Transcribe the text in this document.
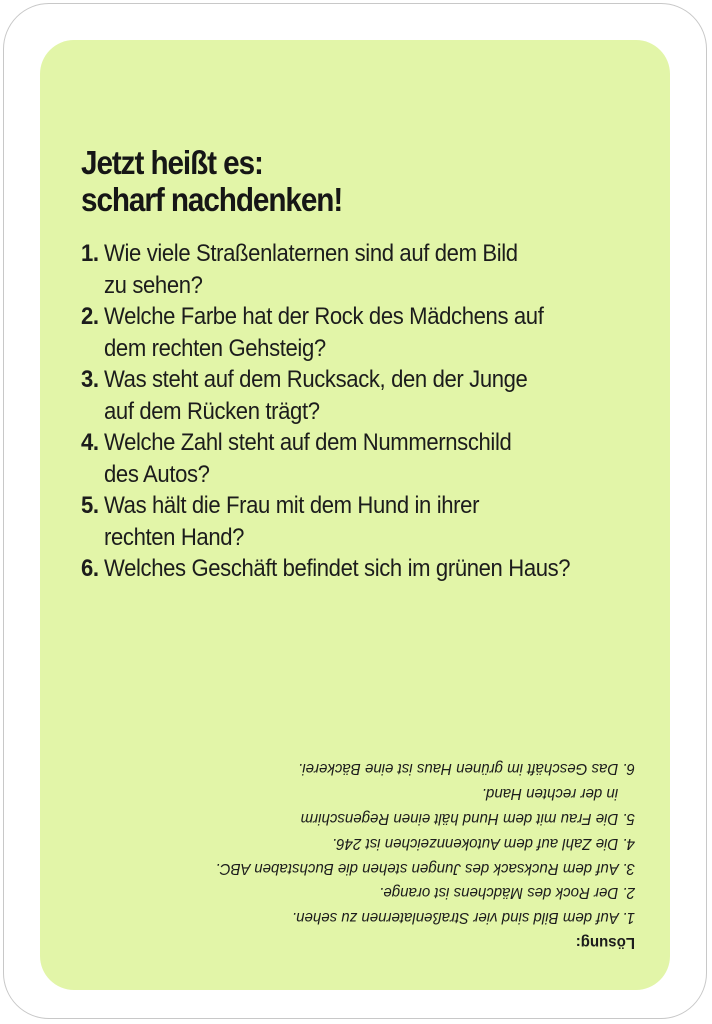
Jetzt heißt es:
scharf nachdenken!
1. Wie viele Straßenlaternen sind auf dem Bild
zu sehen?
2. Welche Farbe hat der Rock des Mädchens auf
dem rechten Gehsteig?
3. Was steht auf dem Rucksack, den der Junge
auf dem Rücken trägt?
4. Welche Zahl steht auf dem Nummernschild
des Autos?
5. Was hält die Frau mit dem Hund in ihrer
rechten Hand?
6. Welches Geschäft befindet sich im grünen Haus?
Lösung:
1. Auf dem Bild sind vier Straßenlaternen zu sehen.
2. Der Rock des Mädchens ist orange.
3. Auf dem Rucksack des Jungen stehen die Buchstaben ABC.
4. Die Zahl auf dem Autokennzeichen ist 246.
5. Die Frau mit dem Hund hält einen Regenschirm
in der rechten Hand.
6. Das Geschäft im grünen Haus ist eine Bäckerei.
